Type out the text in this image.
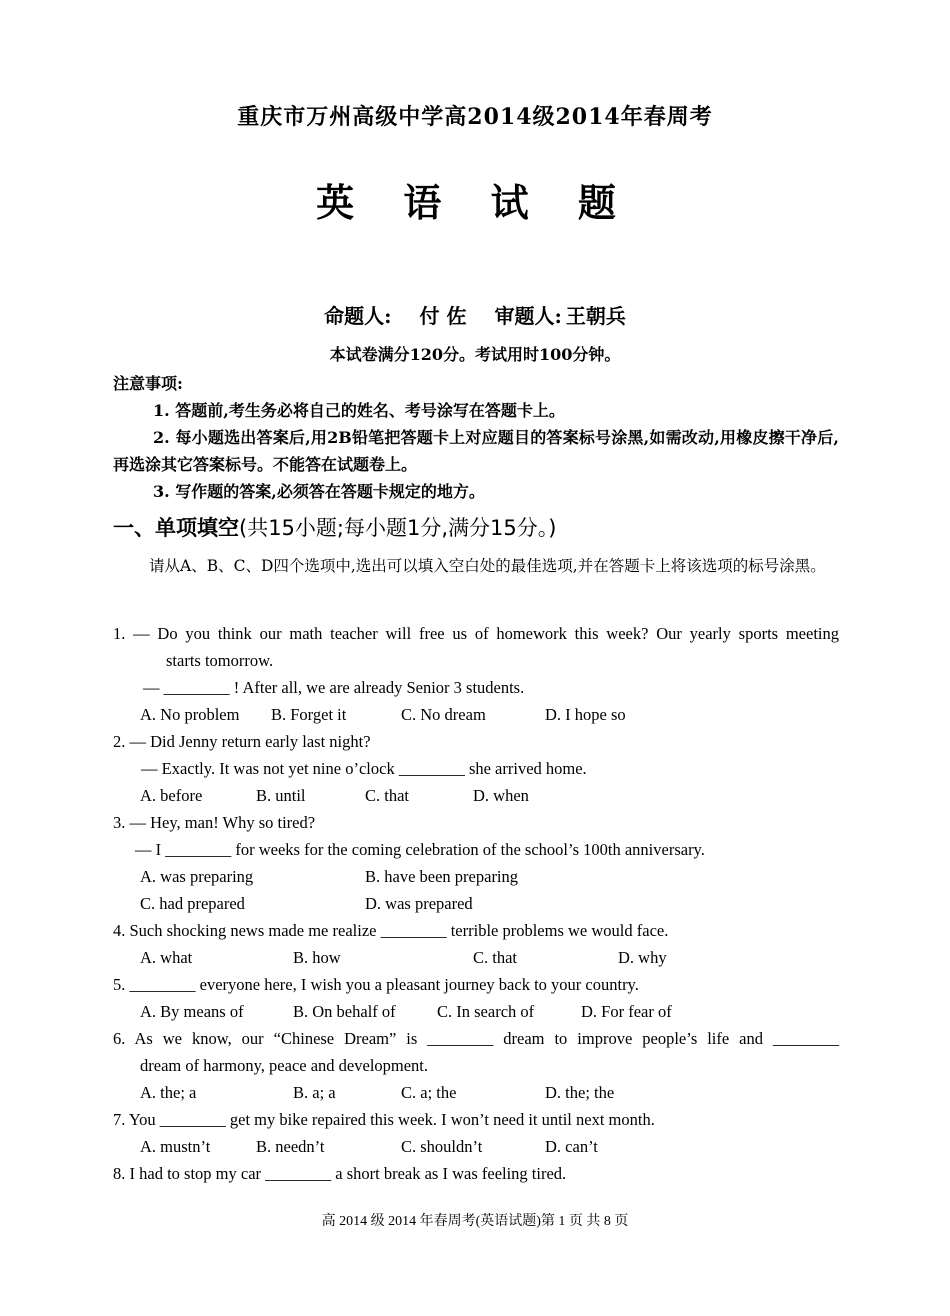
重庆市万州高级中学高2014级2014年春周考
英 语 试 题
命题人: 付 佐 审题人: 王朝兵
本试卷满分120分。考试用时100分钟。
注意事项:
1. 答题前,考生务必将自己的姓名、考号涂写在答题卡上。
2. 每小题选出答案后,用2B铅笔把答题卡上对应题目的答案标号涂黑,如需改动,用橡皮擦干净后,再选涂其它答案标号。不能答在试题卷上。
3. 写作题的答案,必须答在答题卡规定的地方。
一、单项填空(共15小题;每小题1分,满分15分。)
请从A、B、C、D四个选项中,选出可以填入空白处的最佳选项,并在答题卡上将该选项的标号涂黑。
1. — Do you think our math teacher will free us of homework this week? Our yearly sports meeting
starts tomorrow.
— ________ ! After all, we are already Senior 3 students.
A. No problem B. Forget it	C. No dream	D. I hope so
2. — Did Jenny return early last night?
— Exactly. It was not yet nine o’clock ________ she arrived home.
A. before	B. until	C. that	D. when
3. — Hey, man! Why so tired?
— I ________ for weeks for the coming celebration of the school’s 100th anniversary.
A. was preparing	B. have been preparing
C. had prepared	D. was prepared
4. Such shocking news made me realize ________ terrible problems we would face.
A. what	B. how	C. that	D. why
5. ________ everyone here, I wish you a pleasant journey back to your country.
A. By means of	B. On behalf of	C. In search of	D. For fear of
6. As we know, our “Chinese Dream” is ________ dream to improve people’s life and ________
dream of harmony, peace and development.
A. the; a	B. a; a	C. a; the	D. the; the
7. You ________ get my bike repaired this week. I won’t need it until next month.
A. mustn’t	B. needn’t	C. shouldn’t	D. can’t
8. I had to stop my car ________ a short break as I was feeling tired.
高 2014 级 2014 年春周考(英语试题)第 1 页 共 8 页
